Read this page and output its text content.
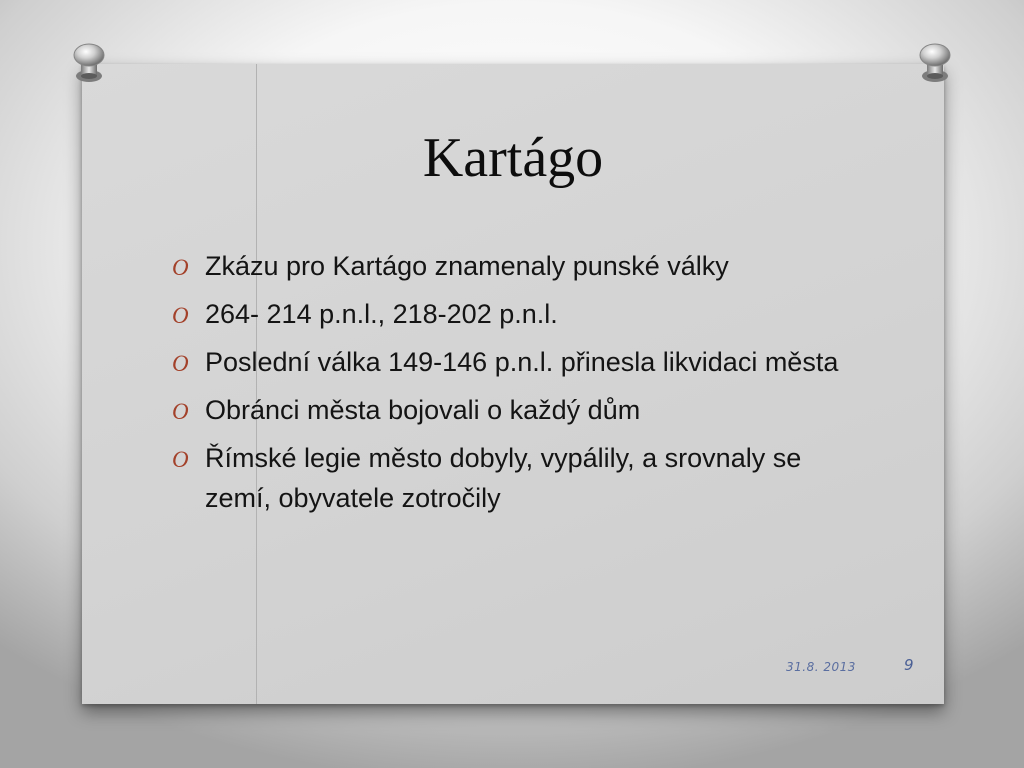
Kartágo
O Zkázu pro Kartágo znamenaly punské války
O 264- 214 p.n.l., 218-202 p.n.l.
O Poslední válka 149-146 p.n.l. přinesla likvidaci města
O Obránci města bojovali o každý dům
O Římské legie město dobyly, vypálily, a srovnaly se zemí, obyvatele zotročily
31.8. 2013	9
